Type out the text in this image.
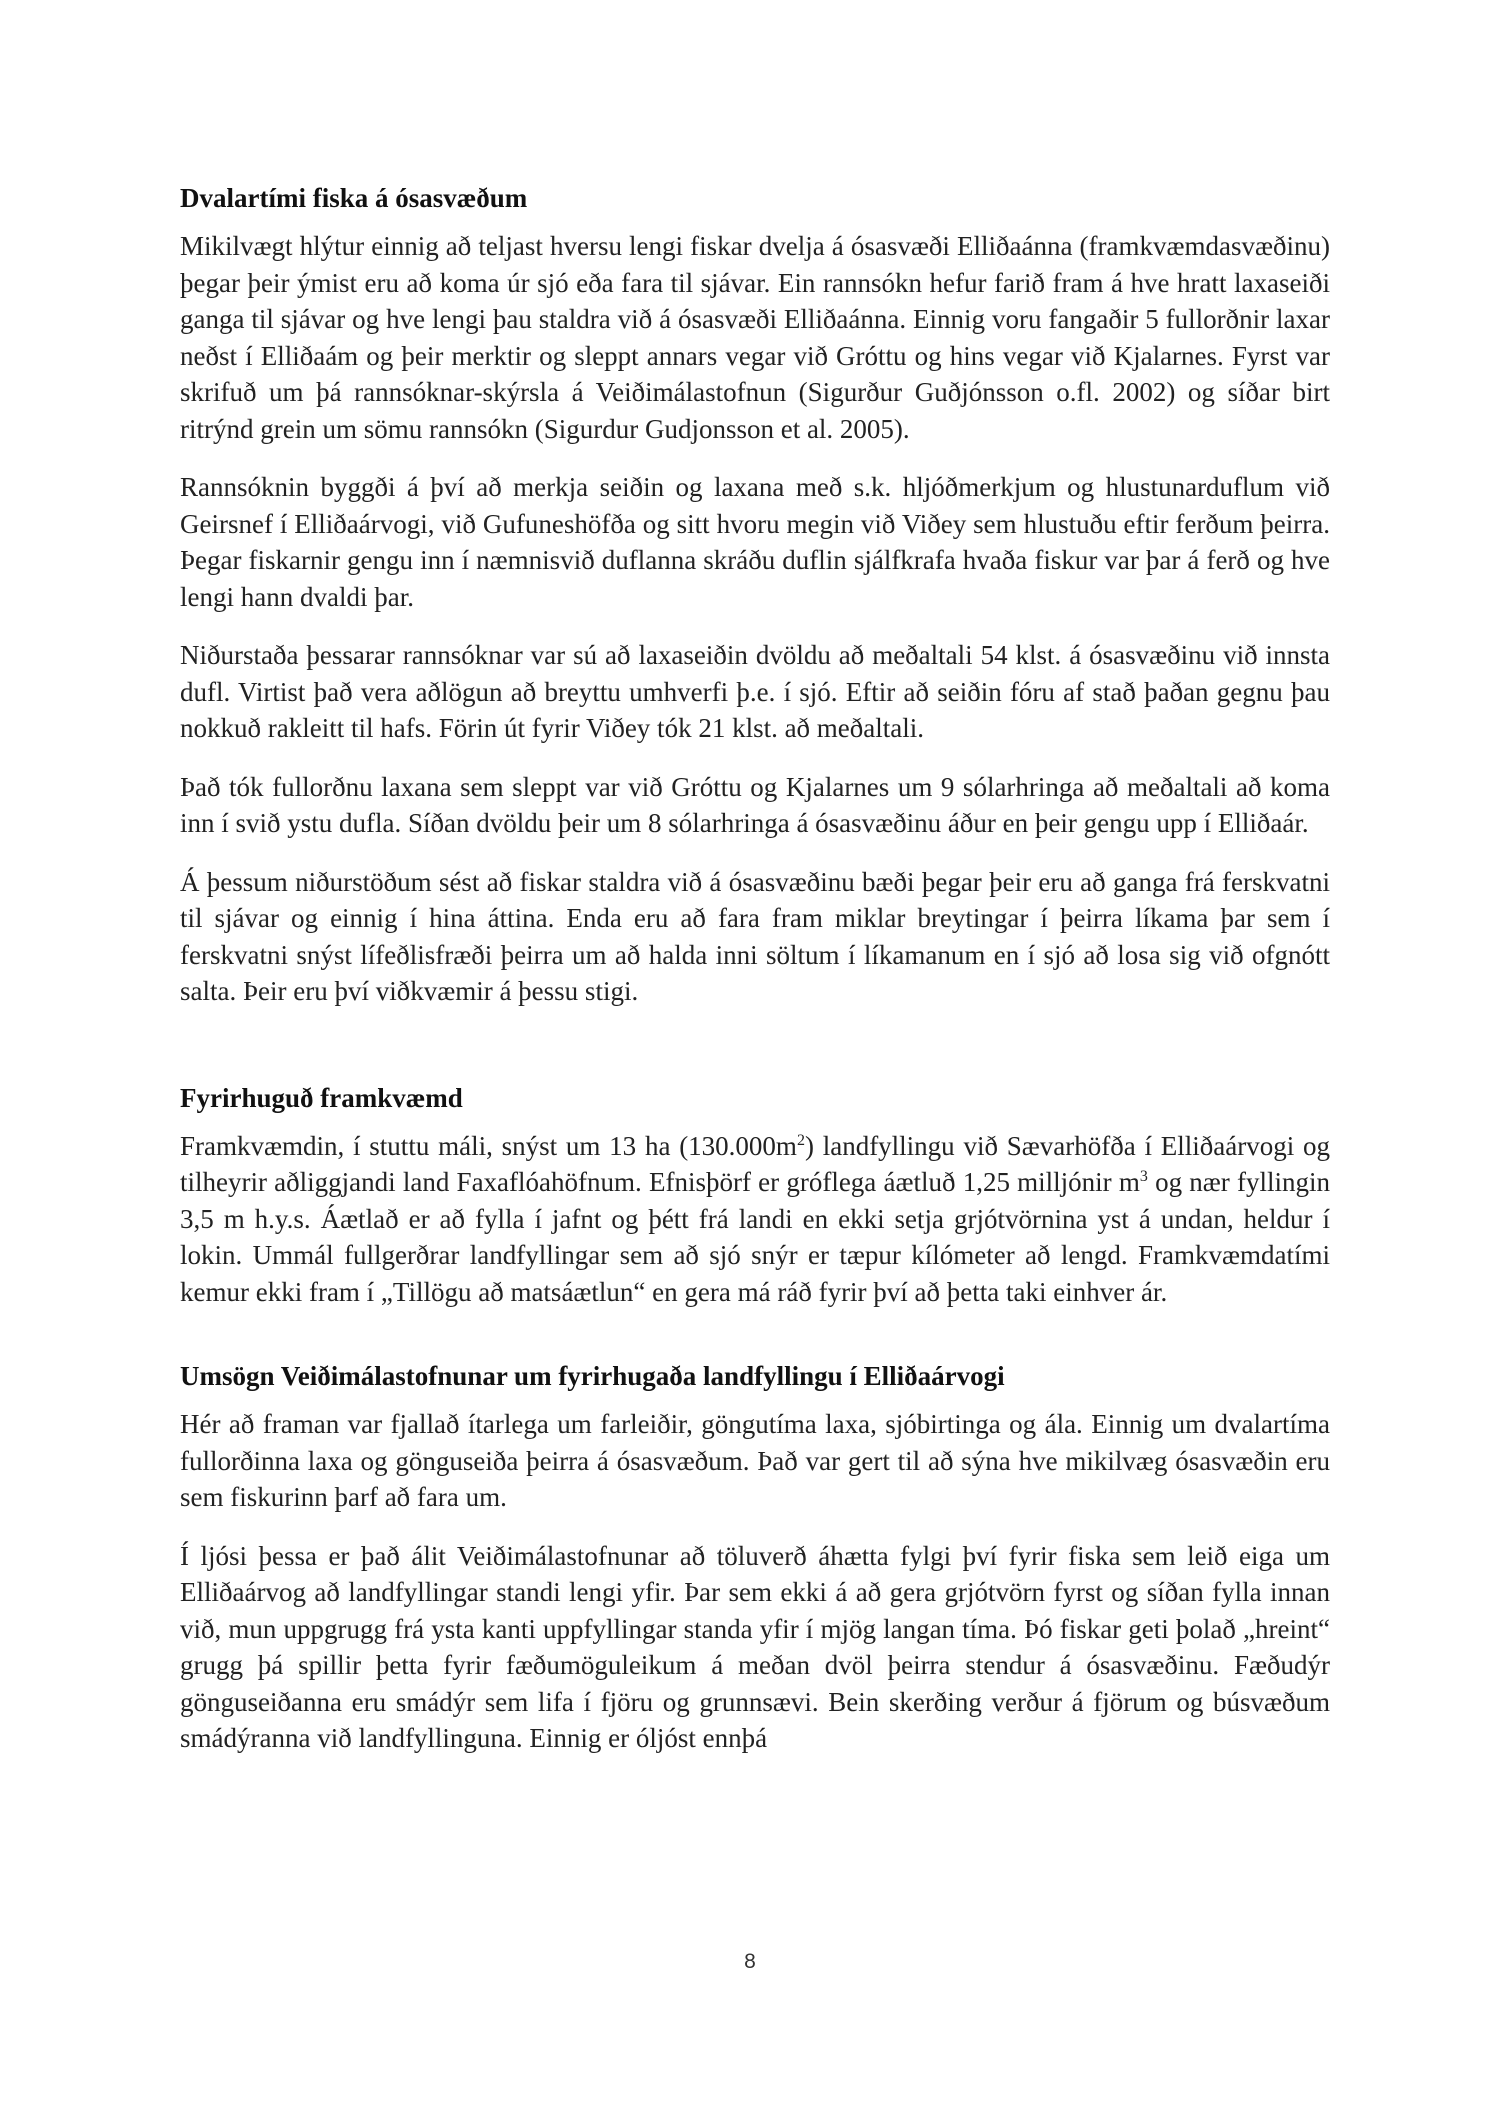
Dvalartími fiska á ósasvæðum

Mikilvægt hlýtur einnig að teljast hversu lengi fiskar dvelja á ósasvæði Elliðaánna (framkvæmdasvæðinu) þegar þeir ýmist eru að koma úr sjó eða fara til sjávar. Ein rannsókn hefur farið fram á hve hratt laxaseiði ganga til sjávar og hve lengi þau staldra við á ósasvæði Elliðaánna. Einnig voru fangaðir 5 fullorðnir laxar neðst í Elliðaám og þeir merktir og sleppt annars vegar við Gróttu og hins vegar við Kjalarnes. Fyrst var skrifuð um þá rannsóknar-skýrsla á Veiðimálastofnun (Sigurður Guðjónsson o.fl. 2002) og síðar birt ritrýnd grein um sömu rannsókn (Sigurdur Gudjonsson et al. 2005).

Rannsóknin byggði á því að merkja seiðin og laxana með s.k. hljóðmerkjum og hlustunarduflum við Geirsnef í Elliðaárvogi, við Gufuneshöfða og sitt hvoru megin við Viðey sem hlustuðu eftir ferðum þeirra. Þegar fiskarnir gengu inn í næmnisvið duflanna skráðu duflin sjálfkrafa hvaða fiskur var þar á ferð og hve lengi hann dvaldi þar.

Niðurstaða þessarar rannsóknar var sú að laxaseiðin dvöldu að meðaltali 54 klst. á ósasvæðinu við innsta dufl. Virtist það vera aðlögun að breyttu umhverfi þ.e. í sjó. Eftir að seiðin fóru af stað þaðan gegnu þau nokkuð rakleitt til hafs. Förin út fyrir Viðey tók 21 klst. að meðaltali.

Það tók fullorðnu laxana sem sleppt var við Gróttu og Kjalarnes um 9 sólarhringa að meðaltali að koma inn í svið ystu dufla. Síðan dvöldu þeir um 8 sólarhringa á ósasvæðinu áður en þeir gengu upp í Elliðaár.

Á þessum niðurstöðum sést að fiskar staldra við á ósasvæðinu bæði þegar þeir eru að ganga frá ferskvatni til sjávar og einnig í hina áttina. Enda eru að fara fram miklar breytingar í þeirra líkama þar sem í ferskvatni snýst lífeðlisfræði þeirra um að halda inni söltum í líkamanum en í sjó að losa sig við ofgnótt salta. Þeir eru því viðkvæmir á þessu stigi.

Fyrirhuguð framkvæmd

Framkvæmdin, í stuttu máli, snýst um 13 ha $(130.000m^2)$ landfyllingu við Sævarhöfða í Elliðaárvogi og tilheyrir aðliggjandi land Faxaflóahöfnum. Efnisþörf er gróflega áætluð 1,25 milljónir $m^3$ og nær fyllingin 3,5 m h.y.s. Áætlað er að fylla í jafnt og þétt frá landi en ekki setja grjótvörnina yst á undan, heldur í lokin. Ummál fullgerðrar landfyllingar sem að sjó snýr er tæpur kílómeter að lengd. Framkvæmdatími kemur ekki fram í „Tillögu að matsáætlun“ en gera má ráð fyrir því að þetta taki einhver ár.

Umsögn Veiðimálastofnunar um fyrirhugaða landfyllingu í Elliðaárvogi

Hér að framan var fjallað ítarlega um farleiðir, göngutíma laxa, sjóbirtinga og ála. Einnig um dvalartíma fullorðinna laxa og gönguseiða þeirra á ósasvæðum. Það var gert til að sýna hve mikilvæg ósasvæðin eru sem fiskurinn þarf að fara um.

Í ljósi þessa er það álit Veiðimálastofnunar að töluverð áhætta fylgi því fyrir fiska sem leið eiga um Elliðaárvog að landfyllingar standi lengi yfir. Þar sem ekki á að gera grjótvörn fyrst og síðan fylla innan við, mun uppgrugg frá ysta kanti uppfyllingar standa yfir í mjög langan tíma. Þó fiskar geti þolað „hreint“ grugg þá spillir þetta fyrir fæðumöguleikum á meðan dvöl þeirra stendur á ósasvæðinu. Fæðudýr gönguseiðanna eru smádýr sem lifa í fjöru og grunnsævi. Bein skerðing verður á fjörum og búsvæðum smádýranna við landfyllinguna. Einnig er óljóst ennþá

8
